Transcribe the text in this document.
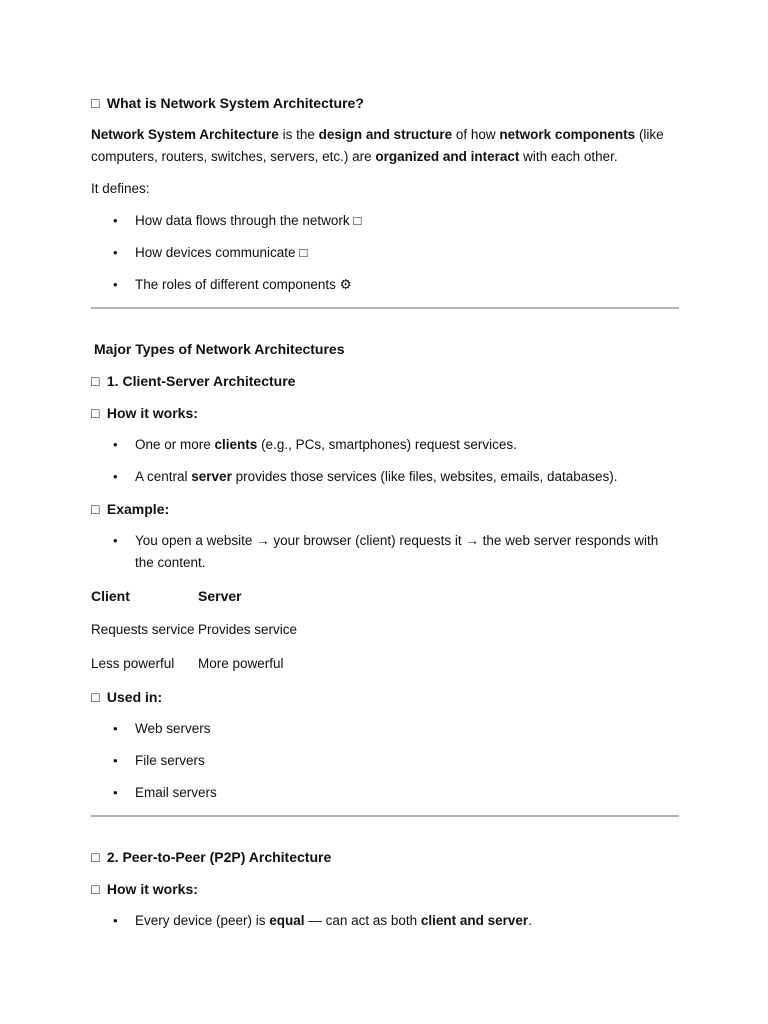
□ What is Network System Architecture?
Network System Architecture is the design and structure of how network components (like computers, routers, switches, servers, etc.) are organized and interact with each other.
It defines:
• How data flows through the network □
• How devices communicate □
• The roles of different components ⚙
Major Types of Network Architectures
□ 1. Client-Server Architecture
□ How it works:
• One or more clients (e.g., PCs, smartphones) request services.
• A central server provides those services (like files, websites, emails, databases).
□ Example:
• You open a website → your browser (client) requests it → the web server responds with the content.
Client	Server
Requests service Provides service
Less powerful More powerful
□ Used in:
• Web servers
• File servers
• Email servers
□ 2. Peer-to-Peer (P2P) Architecture
□ How it works:
• Every device (peer) is equal — can act as both client and server.
